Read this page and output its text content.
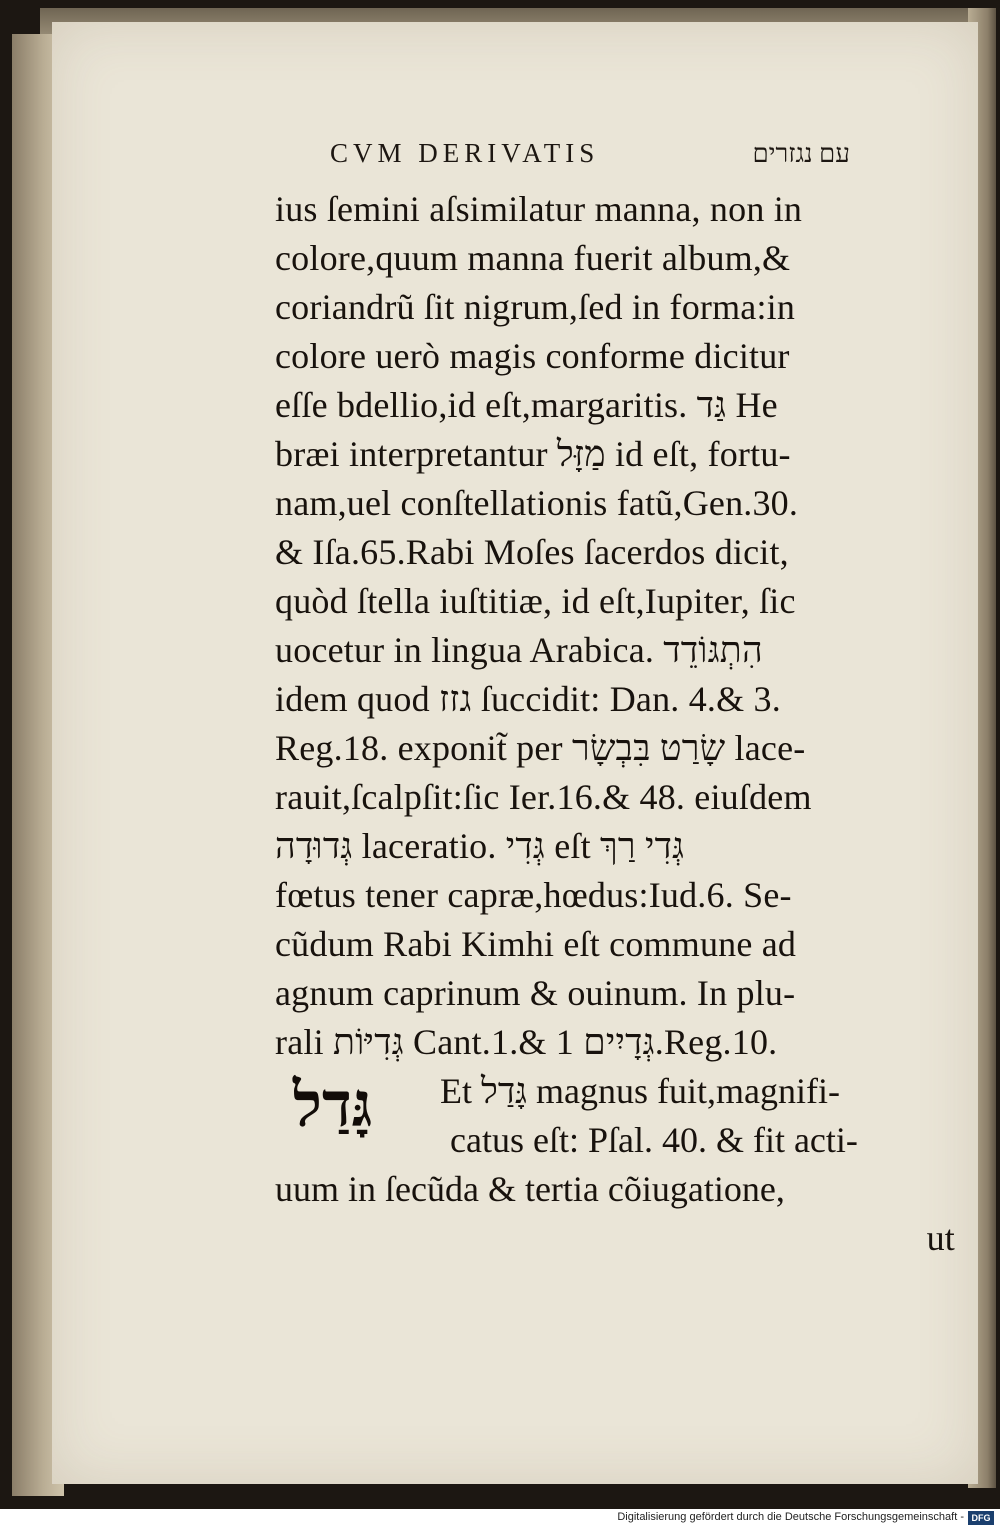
CVM DERIVATIS	עם נגזרים
ius ſemini aſsimilatur manna, non in
colore,quum manna fuerit album,&
coriandrũ ſit nigrum,ſed in forma:in
colore uerò magis conforme dicitur
eſſe bdellio,id eſt,margaritis. גַּד He
bræi interpretantur מַזָּל id eſt, fortu-
nam,uel conſtellationis fatũ,Gen.30.
& Iſa.65.Rabi Moſes ſacerdos dicit,
quòd ſtella iuſtitiæ, id eſt,Iupiter, ſic
uocetur in lingua Arabica. הִתְגּוֹדֵד
idem quod גזז ſuccidit: Dan. 4.& 3.
Reg.18. exponit̃ per שָׂרַט בִּבְשָׂר lace-
rauit,ſcalpſit:ſic Ier.16.& 48. eiuſdem
גְּדוּדָה laceratio. גְּדִי eſt גְּדִי רַךְ
fœtus tener capræ,hœdus:Iud.6. Se-
cũdum Rabi Kimhi eſt commune ad
agnum caprinum & ouinum. In plu-
rali גְּדִיּוֹת Cant.1.& גְּדָיִים 1.Reg.10.
גָּדַל Et גָּדַל magnus fuit,magnifi-
catus eſt: Pſal. 40. & fit acti-
uum in ſecũda & tertia cõiugatione,
ut
Digitalisierung gefördert durch die Deutsche Forschungsgemeinschaft - DFG
